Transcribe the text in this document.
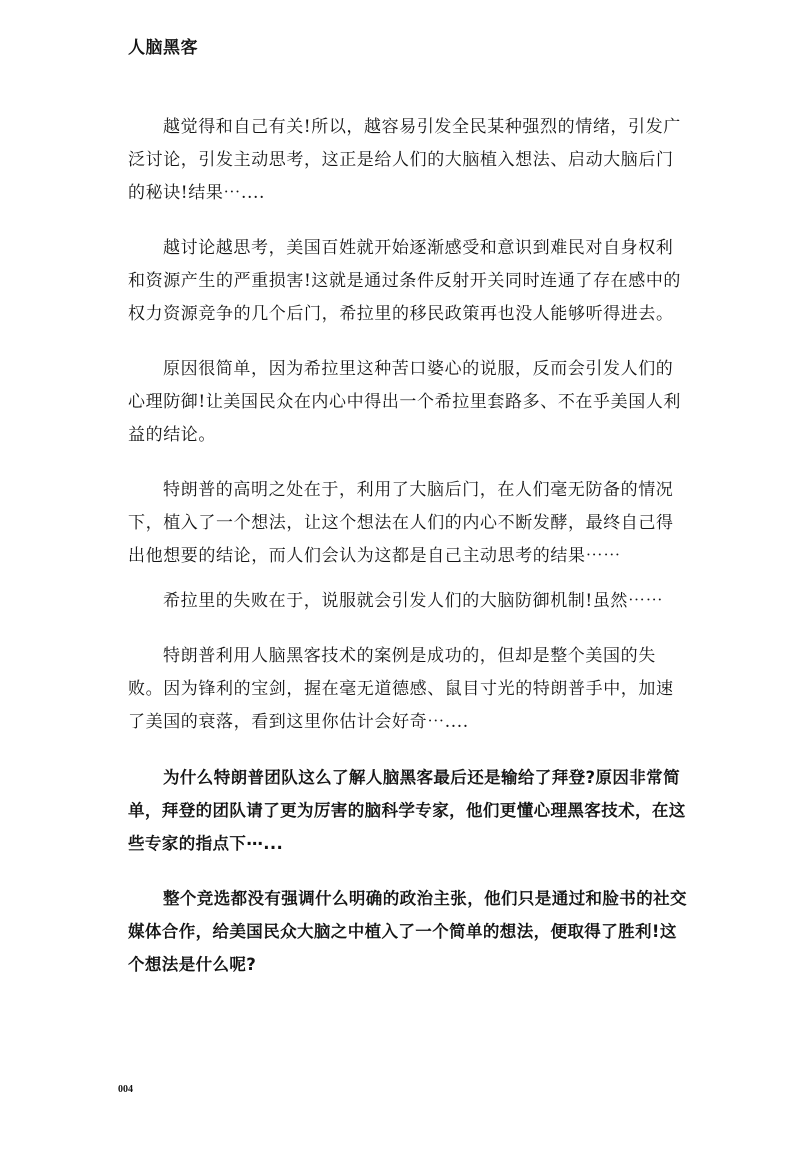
人脑黑客

越觉得和自己有关!所以，越容易引发全民某种强烈的情绪，引发广泛讨论，引发主动思考，这正是给人们的大脑植入想法、启动大脑后门的秘诀!结果⋯....

越讨论越思考，美国百姓就开始逐渐感受和意识到难民对自身权利和资源产生的严重损害!这就是通过条件反射开关同时连通了存在感中的权力资源竞争的几个后门，希拉里的移民政策再也没人能够听得进去。

原因很简单，因为希拉里这种苦口婆心的说服，反而会引发人们的心理防御!让美国民众在内心中得出一个希拉里套路多、不在乎美国人利益的结论。

特朗普的高明之处在于，利用了大脑后门，在人们毫无防备的情况下，植入了一个想法，让这个想法在人们的内心不断发酵，最终自己得出他想要的结论，而人们会认为这都是自己主动思考的结果⋯⋯

希拉里的失败在于，说服就会引发人们的大脑防御机制!虽然⋯⋯

特朗普利用人脑黑客技术的案例是成功的，但却是整个美国的失败。因为锋利的宝剑，握在毫无道德感、鼠目寸光的特朗普手中，加速了美国的衰落，看到这里你估计会好奇⋯....

为什么特朗普团队这么了解人脑黑客最后还是输给了拜登?原因非常简单，拜登的团队请了更为厉害的脑科学专家，他们更懂心理黑客技术，在这些专家的指点下⋯...

整个竞选都没有强调什么明确的政治主张，他们只是通过和脸书的社交媒体合作，给美国民众大脑之中植入了一个简单的想法，便取得了胜利!这个想法是什么呢?

004
